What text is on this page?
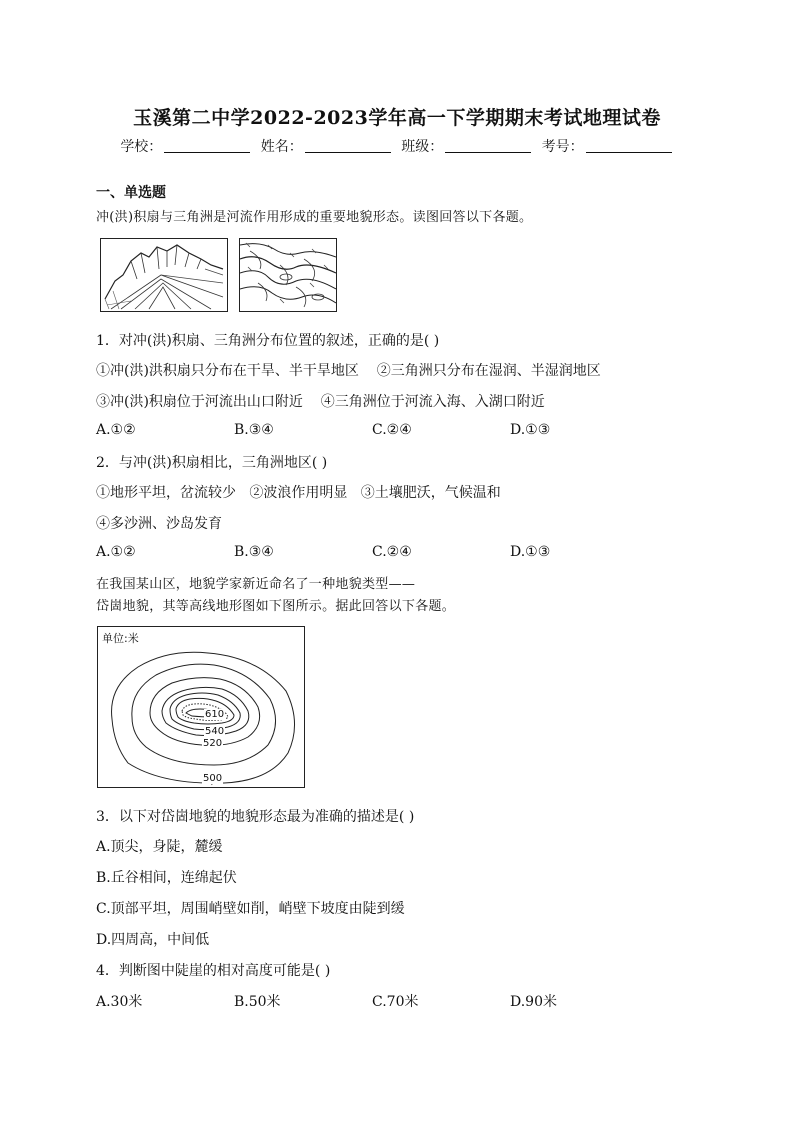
玉溪第二中学2022-2023学年高一下学期期末考试地理试卷
学校：	姓名：	班级：	考号：
一、单选题
冲(洪)积扇与三角洲是河流作用形成的重要地貌形态。读图回答以下各题。
1．对冲(洪)积扇、三角洲分布位置的叙述，正确的是( )
①冲(洪)洪积扇只分布在干旱、半干旱地区 ②三角洲只分布在湿润、半湿润地区
③冲(洪)积扇位于河流出山口附近 ④三角洲位于河流入海、入湖口附近
A.①②	B.③④	C.②④	D.①③
2．与冲(洪)积扇相比，三角洲地区( )
①地形平坦，岔流较少 ②波浪作用明显 ③土壤肥沃，气候温和
④多沙洲、沙岛发育
A.①②	B.③④	C.②④	D.①③
在我国某山区，地貌学家新近命名了一种地貌类型——
岱崮地貌，其等高线地形图如下图所示。据此回答以下各题。
单位:米
610
540
520
500
3．以下对岱崮地貌的地貌形态最为准确的描述是( )
A.顶尖，身陡，麓缓
B.丘谷相间，连绵起伏
C.顶部平坦，周围峭壁如削，峭壁下坡度由陡到缓
D.四周高，中间低
4．判断图中陡崖的相对高度可能是( )
A.30米	B.50米	C.70米	D.90米
